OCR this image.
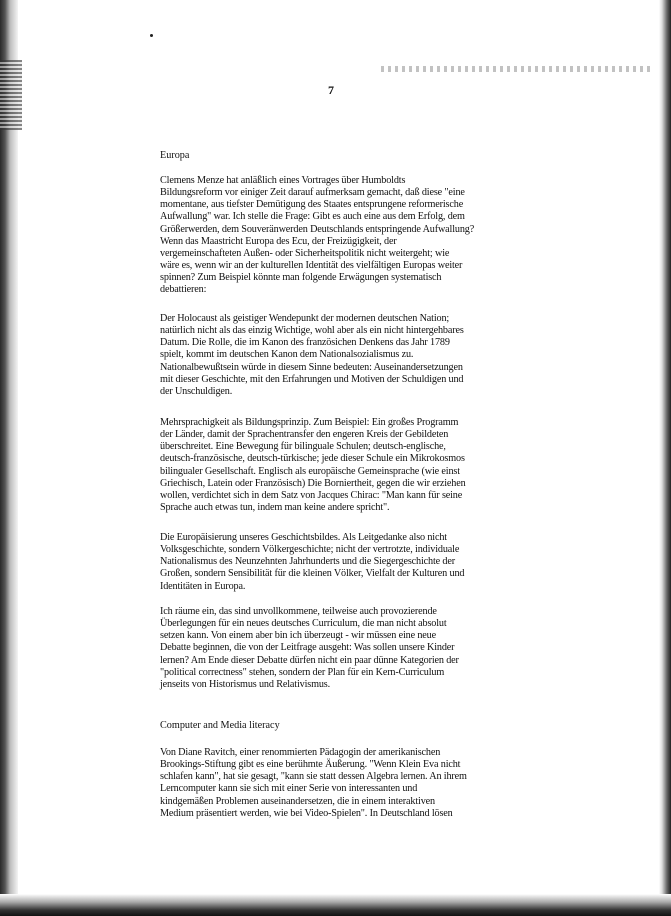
7
Europa
Clemens Menze hat anläßlich eines Vortrages über Humboldts
Bildungsreform vor einiger Zeit darauf aufmerksam gemacht, daß diese "eine
momentane, aus tiefster Demütigung des Staates entsprungene reformerische
Aufwallung" war. Ich stelle die Frage: Gibt es auch eine aus dem Erfolg, dem
Größerwerden, dem Souveränwerden Deutschlands entspringende Aufwallung?
Wenn das Maastricht Europa des Ecu, der Freizügigkeit, der
vergemeinschafteten Außen- oder Sicherheitspolitik nicht weitergeht; wie
wäre es, wenn wir an der kulturellen Identität des vielfältigen Europas weiter
spinnen? Zum Beispiel könnte man folgende Erwägungen systematisch
debattieren:
Der Holocaust als geistiger Wendepunkt der modernen deutschen Nation;
natürlich nicht als das einzig Wichtige, wohl aber als ein nicht hintergehbares
Datum. Die Rolle, die im Kanon des französichen Denkens das Jahr 1789
spielt, kommt im deutschen Kanon dem Nationalsozialismus zu.
Nationalbewußtsein würde in diesem Sinne bedeuten: Auseinandersetzungen
mit dieser Geschichte, mit den Erfahrungen und Motiven der Schuldigen und
der Unschuldigen.
Mehrsprachigkeit als Bildungsprinzip. Zum Beispiel: Ein großes Programm
der Länder, damit der Sprachentransfer den engeren Kreis der Gebildeten
überschreitet. Eine Bewegung für bilinguale Schulen; deutsch-englische,
deutsch-französische, deutsch-türkische; jede dieser Schule ein Mikrokosmos
bilingualer Gesellschaft. Englisch als europäische Gemeinsprache (wie einst
Griechisch, Latein oder Französisch) Die Borniertheit, gegen die wir erziehen
wollen, verdichtet sich in dem Satz von Jacques Chirac: "Man kann für seine
Sprache auch etwas tun, indem man keine andere spricht".
Die Europäisierung unseres Geschichtsbildes. Als Leitgedanke also nicht
Volksgeschichte, sondern Völkergeschichte; nicht der vertrotzte, individuale
Nationalismus des Neunzehnten Jahrhunderts und die Siegergeschichte der
Großen, sondern Sensibilität für die kleinen Völker, Vielfalt der Kulturen und
Identitäten in Europa.
Ich räume ein, das sind unvollkommene, teilweise auch provozierende
Überlegungen für ein neues deutsches Curriculum, die man nicht absolut
setzen kann. Von einem aber bin ich überzeugt - wir müssen eine neue
Debatte beginnen, die von der Leitfrage ausgeht: Was sollen unsere Kinder
lernen? Am Ende dieser Debatte dürfen nicht ein paar dünne Kategorien der
"political correctness" stehen, sondern der Plan für ein Kern-Curriculum
jenseits von Historismus und Relativismus.
Computer and Media literacy
Von Diane Ravitch, einer renommierten Pädagogin der amerikanischen
Brookings-Stiftung gibt es eine berühmte Äußerung. "Wenn Klein Eva nicht
schlafen kann", hat sie gesagt, "kann sie statt dessen Algebra lernen. An ihrem
Lerncomputer kann sie sich mit einer Serie von interessanten und
kindgemäßen Problemen auseinandersetzen, die in einem interaktiven
Medium präsentiert werden, wie bei Video-Spielen". In Deutschland lösen
